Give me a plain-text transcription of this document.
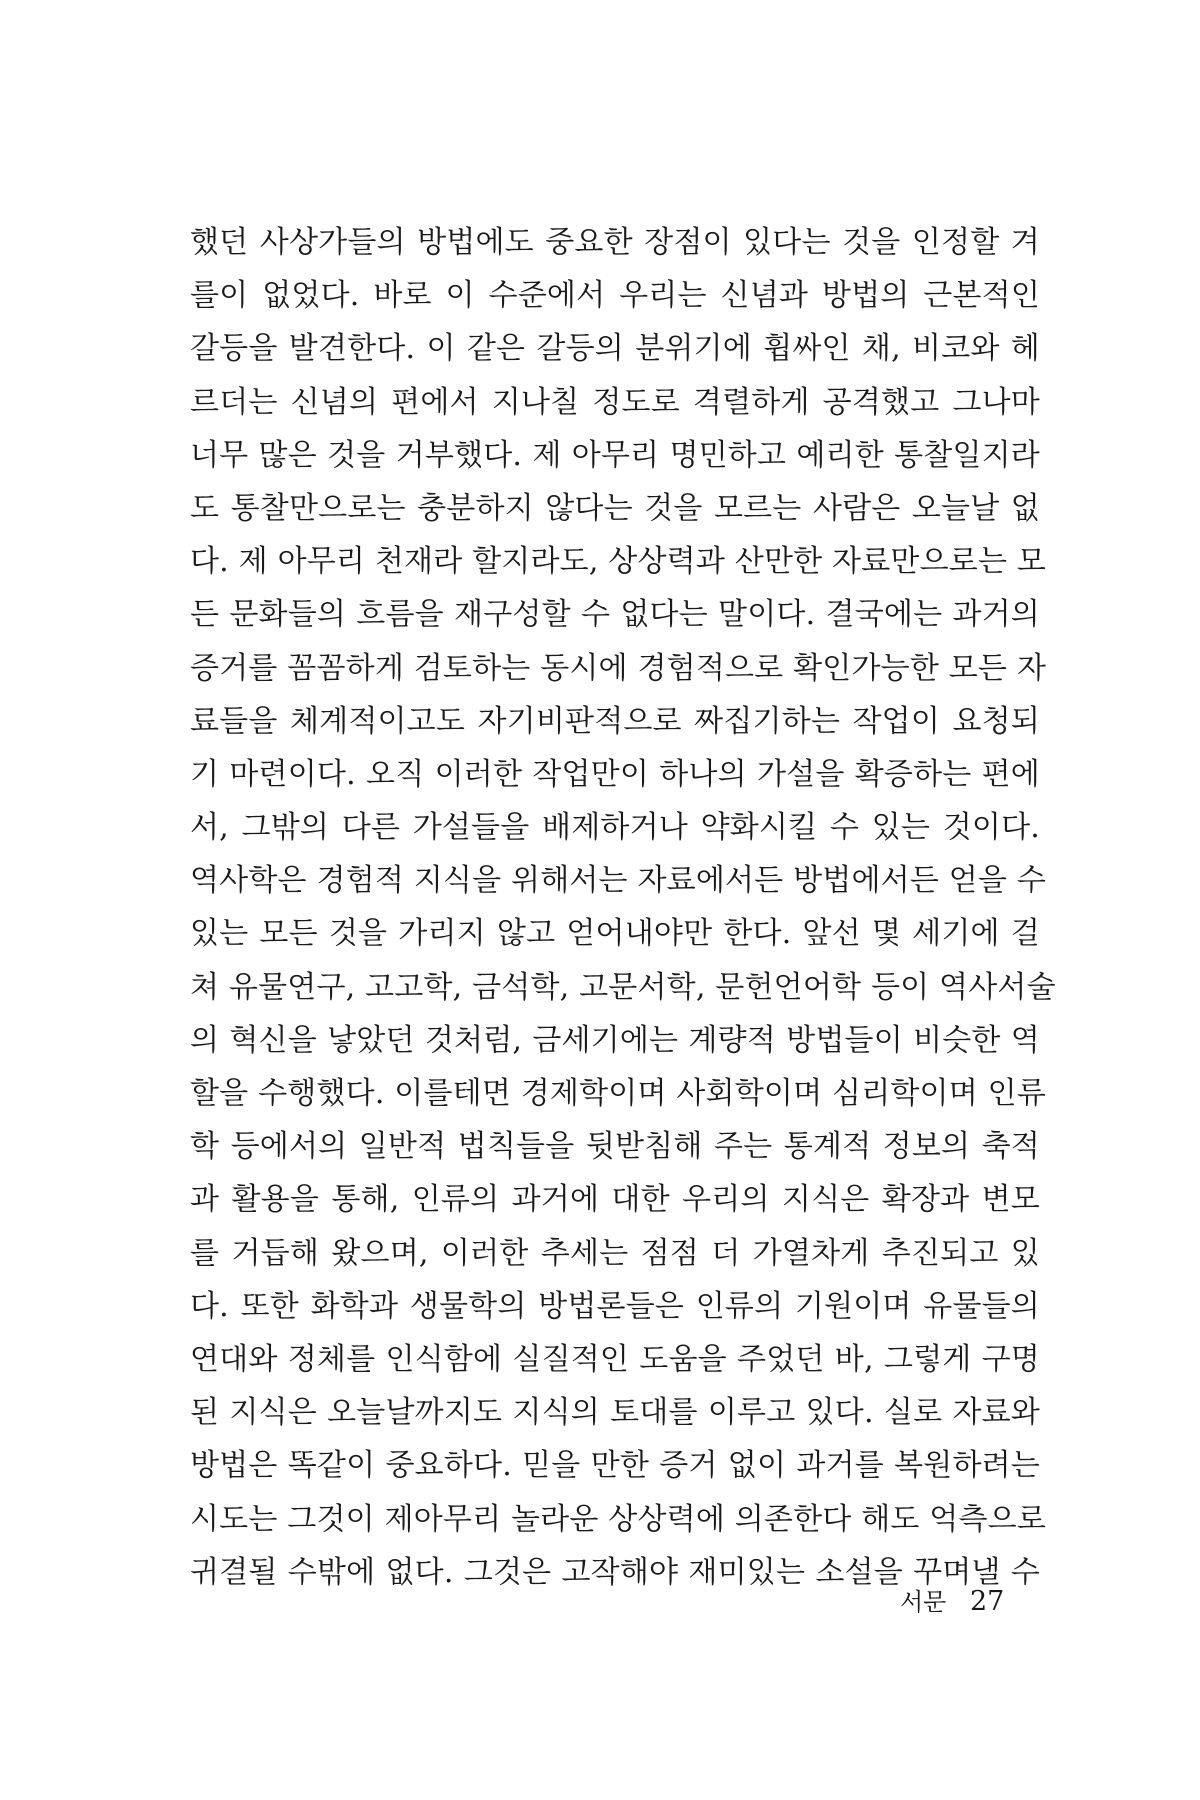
했던 사상가들의 방법에도 중요한 장점이 있다는 것을 인정할 겨
를이 없었다. 바로 이 수준에서 우리는 신념과 방법의 근본적인
갈등을 발견한다. 이 같은 갈등의 분위기에 휩싸인 채, 비코와 헤
르더는 신념의 편에서 지나칠 정도로 격렬하게 공격했고 그나마
너무 많은 것을 거부했다. 제 아무리 명민하고 예리한 통찰일지라
도 통찰만으로는 충분하지 않다는 것을 모르는 사람은 오늘날 없
다. 제 아무리 천재라 할지라도, 상상력과 산만한 자료만으로는 모
든 문화들의 흐름을 재구성할 수 없다는 말이다. 결국에는 과거의
증거를 꼼꼼하게 검토하는 동시에 경험적으로 확인가능한 모든 자
료들을 체계적이고도 자기비판적으로 짜집기하는 작업이 요청되
기 마련이다. 오직 이러한 작업만이 하나의 가설을 확증하는 편에
서, 그밖의 다른 가설들을 배제하거나 약화시킬 수 있는 것이다.
역사학은 경험적 지식을 위해서는 자료에서든 방법에서든 얻을 수
있는 모든 것을 가리지 않고 얻어내야만 한다. 앞선 몇 세기에 걸
쳐 유물연구, 고고학, 금석학, 고문서학, 문헌언어학 등이 역사서술
의 혁신을 낳았던 것처럼, 금세기에는 계량적 방법들이 비슷한 역
할을 수행했다. 이를테면 경제학이며 사회학이며 심리학이며 인류
학 등에서의 일반적 법칙들을 뒷받침해 주는 통계적 정보의 축적
과 활용을 통해, 인류의 과거에 대한 우리의 지식은 확장과 변모
를 거듭해 왔으며, 이러한 추세는 점점 더 가열차게 추진되고 있
다. 또한 화학과 생물학의 방법론들은 인류의 기원이며 유물들의
연대와 정체를 인식함에 실질적인 도움을 주었던 바, 그렇게 구명
된 지식은 오늘날까지도 지식의 토대를 이루고 있다. 실로 자료와
방법은 똑같이 중요하다. 믿을 만한 증거 없이 과거를 복원하려는
시도는 그것이 제아무리 놀라운 상상력에 의존한다 해도 억측으로
귀결될 수밖에 없다. 그것은 고작해야 재미있는 소설을 꾸며낼 수
서문 27
